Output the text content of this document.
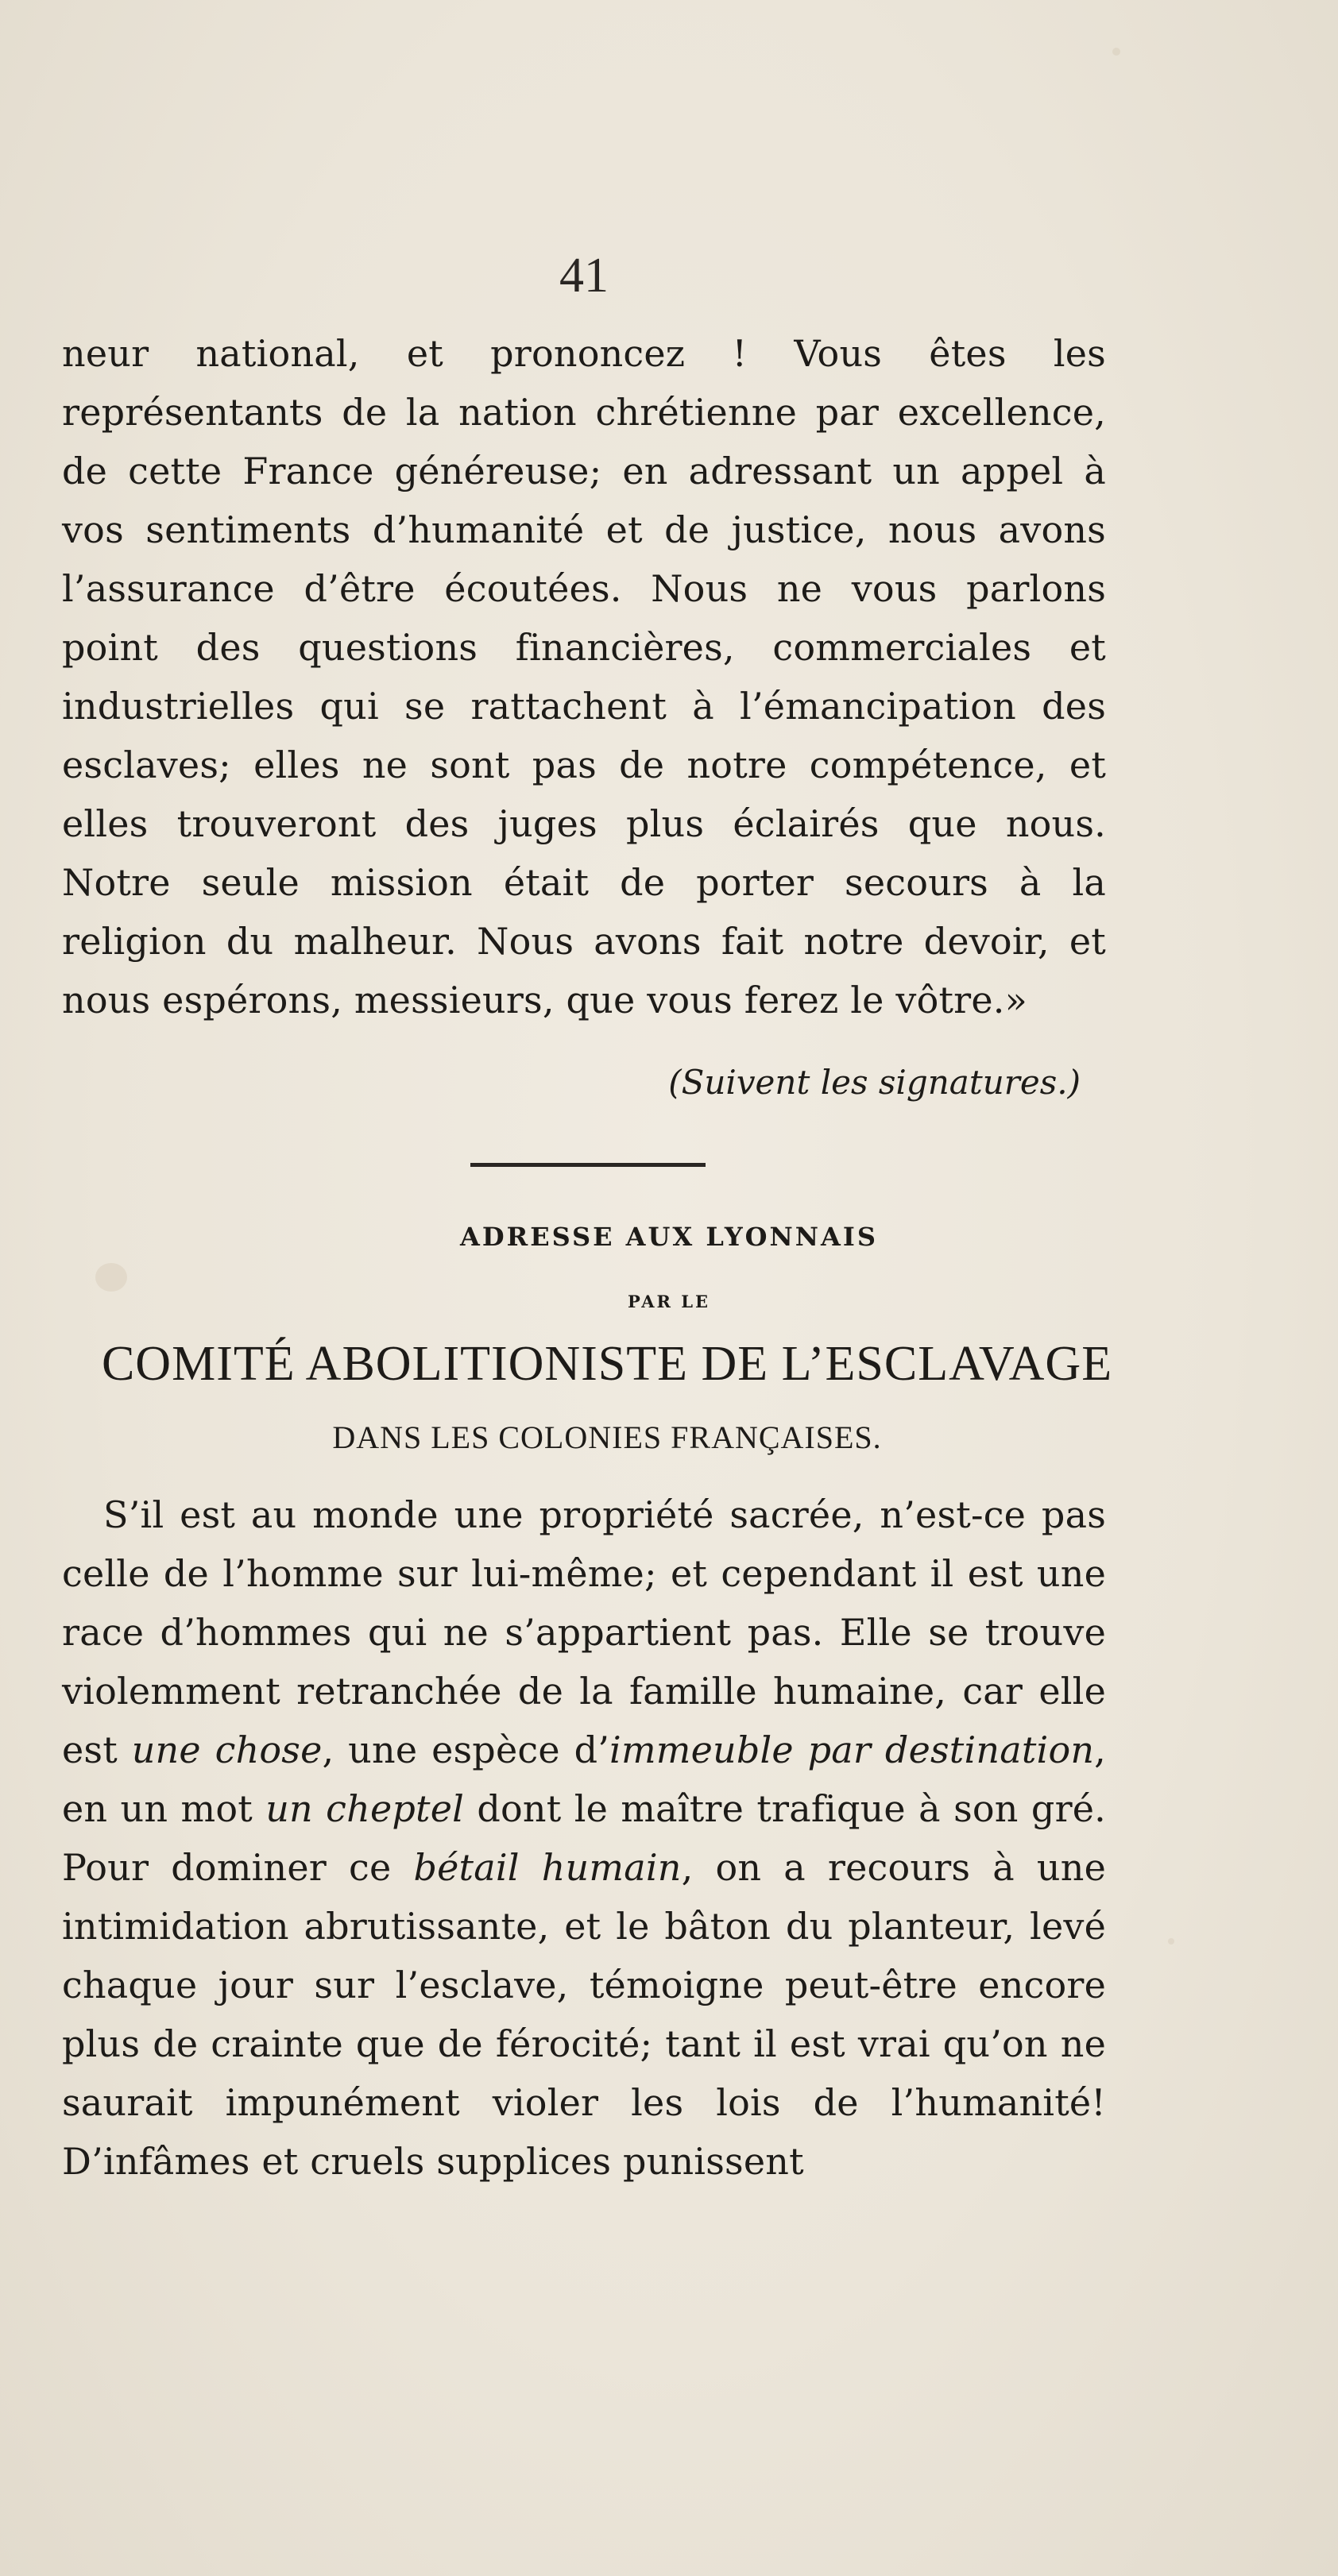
41

neur national, et prononcez ! Vous êtes les représentants de la nation chrétienne par excellence, de cette France généreuse; en adressant un appel à vos sentiments d’humanité et de justice, nous avons l’assurance d’être écoutées. Nous ne vous parlons point des questions financières, commerciales et industrielles qui se rattachent à l’émancipation des esclaves; elles ne sont pas de notre compétence, et elles trouveront des juges plus éclairés que nous. Notre seule mission était de porter secours à la religion du malheur. Nous avons fait notre devoir, et nous espérons, messieurs, que vous ferez le vôtre.»

(Suivent les signatures.)
ADRESSE AUX LYONNAIS
PAR LE
COMITÉ ABOLITIONISTE DE L’ESCLAVAGE
DANS LES COLONIES FRANÇAISES.

S’il est au monde une propriété sacrée, n’est-ce pas celle de l’homme sur lui-même; et cependant il est une race d’hommes qui ne s’appartient pas. Elle se trouve violemment retranchée de la famille humaine, car elle est une chose, une espèce d’immeuble par destination, en un mot un cheptel dont le maître trafique à son gré. Pour dominer ce bétail humain, on a recours à une intimidation abrutissante, et le bâton du planteur, levé chaque jour sur l’esclave, témoigne peut-être encore plus de crainte que de férocité; tant il est vrai qu’on ne saurait impunément violer les lois de l’humanité! D’infâmes et cruels supplices punissent
